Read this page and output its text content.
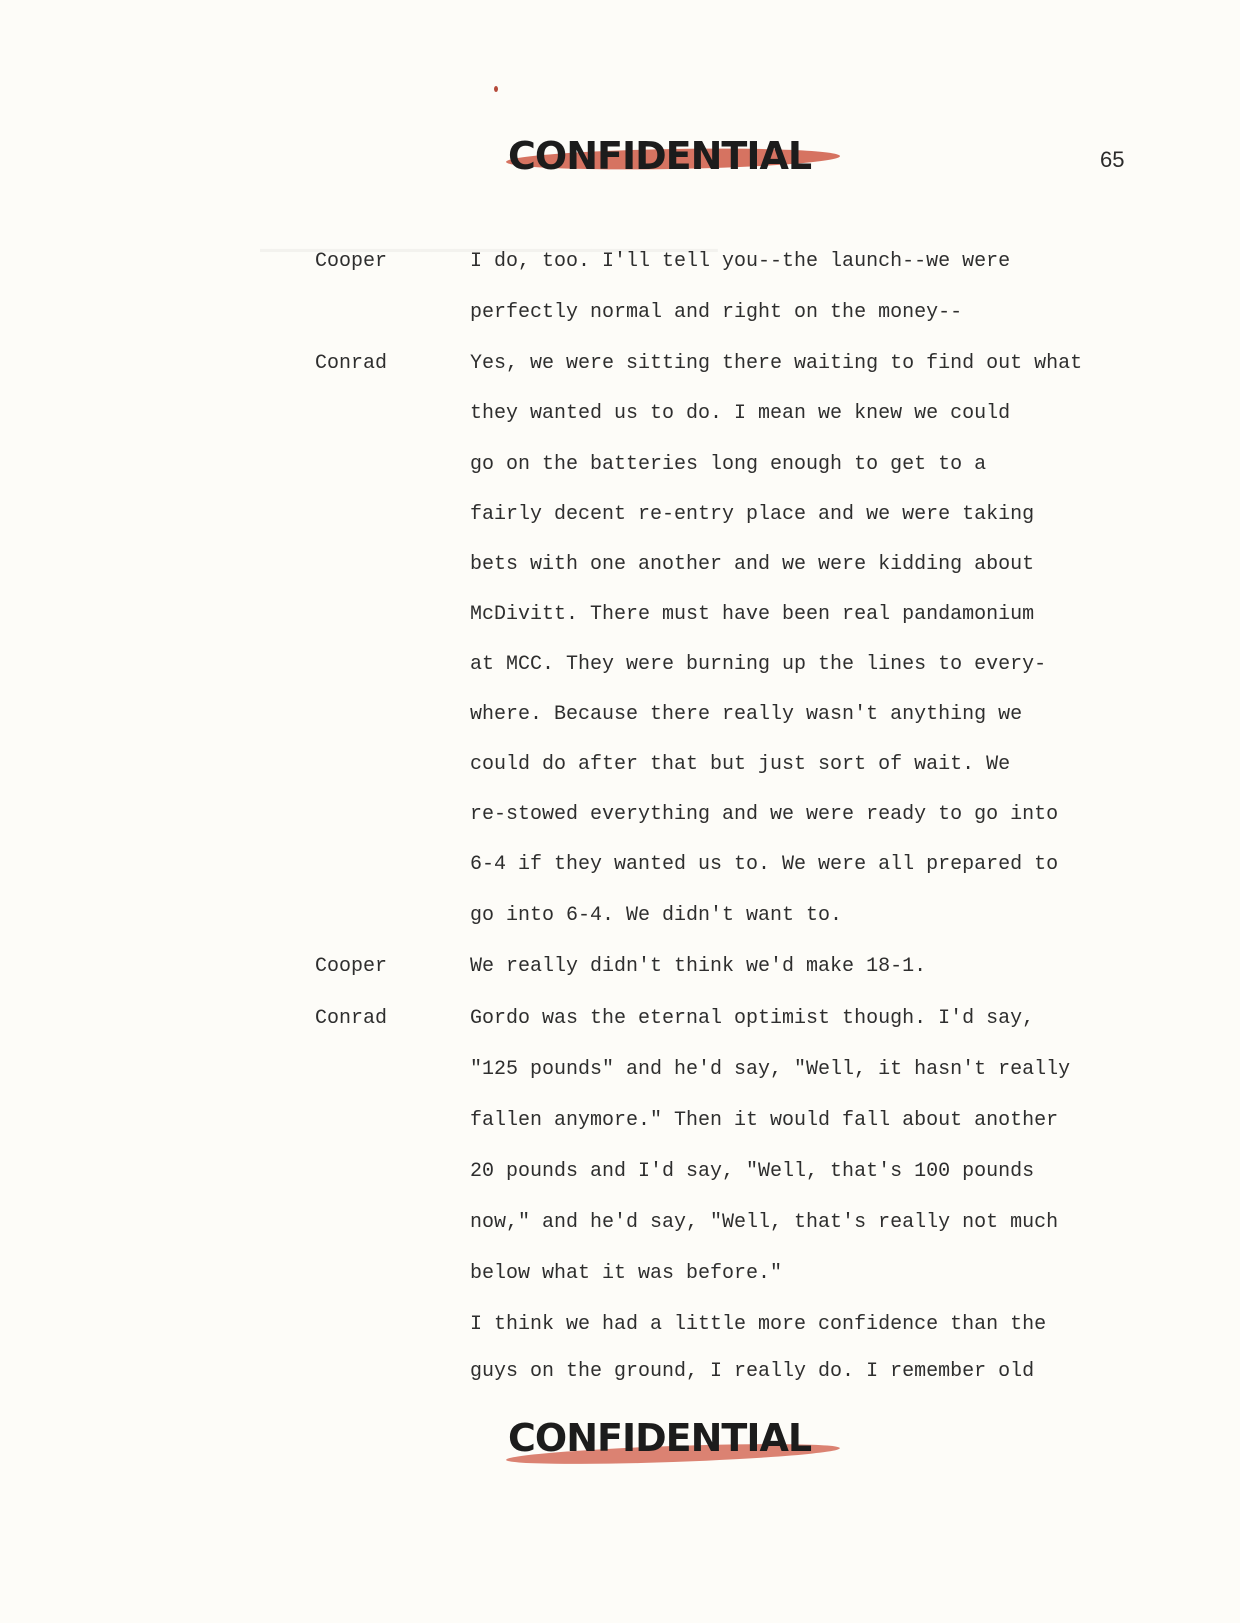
CONFIDENTIAL	65
Cooper	I do, too. I'll tell you--the launch--we were
perfectly normal and right on the money--
Conrad	Yes, we were sitting there waiting to find out what
they wanted us to do. I mean we knew we could
go on the batteries long enough to get to a
fairly decent re-entry place and we were taking
bets with one another and we were kidding about
McDivitt. There must have been real pandamonium
at MCC. They were burning up the lines to every-
where. Because there really wasn't anything we
could do after that but just sort of wait. We
re-stowed everything and we were ready to go into
6-4 if they wanted us to. We were all prepared to
go into 6-4. We didn't want to.
Cooper	We really didn't think we'd make 18-1.
Conrad	Gordo was the eternal optimist though. I'd say,
"125 pounds" and he'd say, "Well, it hasn't really
fallen anymore." Then it would fall about another
20 pounds and I'd say, "Well, that's 100 pounds
now," and he'd say, "Well, that's really not much
below what it was before."
I think we had a little more confidence than the
guys on the ground, I really do. I remember old
CONFIDENTIAL
